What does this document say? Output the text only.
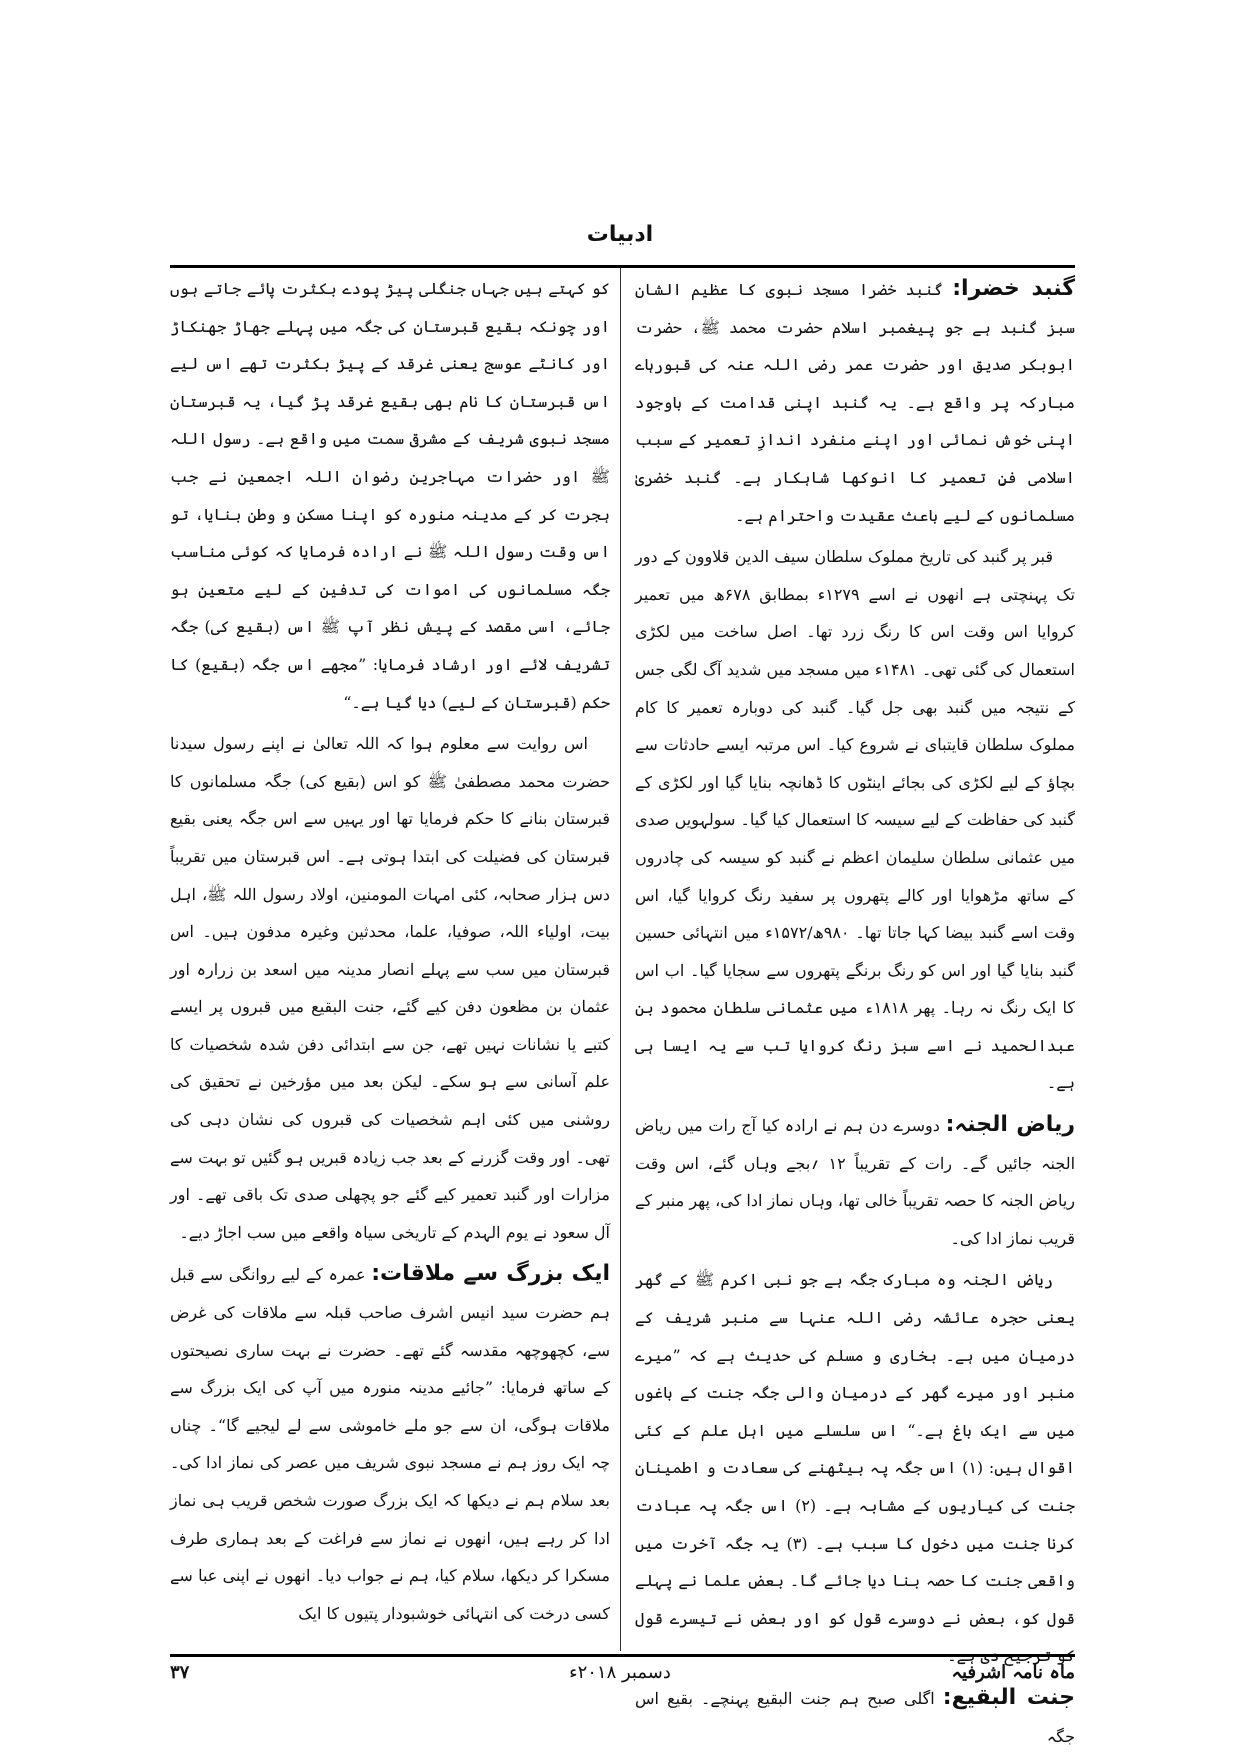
ادبیات

گنبد خضرا: گنبد خضرا مسجد نبوی کا عظیم الشان سبز گنبد ہے جو پیغمبر اسلام حضرت محمد ﷺ، حضرت ابوبکر صدیق اور حضرت عمر رضی اللہ عنہ کی قبورہاے مبارکہ پر واقع ہے۔ یہ گنبد اپنی قدامت کے باوجود اپنی خوش نمائی اور اپنے منفرد اندازِ تعمیر کے سبب اسلامی فنِ تعمیر کا انوکھا شاہکار ہے۔ گنبد خضریٰ مسلمانوں کے لیے باعث عقیدت واحترام ہے۔

قبر پر گنبد کی تاریخ مملوک سلطان سیف الدین قلاوون کے دور تک پہنچتی ہے انھوں نے اسے ۱۲۷۹ء بمطابق ۶۷۸ھ میں تعمیر کروایا اس وقت اس کا رنگ زرد تھا۔ اصل ساخت میں لکڑی استعمال کی گئی تھی۔ ۱۴۸۱ء میں مسجد میں شدید آگ لگی جس کے نتیجہ میں گنبد بھی جل گیا۔ گنبد کی دوبارہ تعمیر کا کام مملوک سلطان قایتبای نے شروع کیا۔ اس مرتبہ ایسے حادثات سے بچاؤ کے لیے لکڑی کی بجائے اینٹوں کا ڈھانچہ بنایا گیا اور لکڑی کے گنبد کی حفاظت کے لیے سیسہ کا استعمال کیا گیا۔ سولہویں صدی میں عثمانی سلطان سلیمان اعظم نے گنبد کو سیسہ کی چادروں کے ساتھ مڑھوایا اور کالے پتھروں پر سفید رنگ کروایا گیا، اس وقت اسے گنبد بیضا کہا جاتا تھا۔ ۹۸۰ھ/۱۵۷۲ء میں انتہائی حسین گنبد بنایا گیا اور اس کو رنگ برنگے پتھروں سے سجایا گیا۔ اب اس کا ایک رنگ نہ رہا۔ پھر ۱۸۱۸ء میں عثمانی سلطان محمود بن عبدالحمید نے اسے سبز رنگ کروایا تب سے یہ ایسا ہی ہے۔

ریاض الجنہ: دوسرے دن ہم نے ارادہ کیا آج رات میں ریاض الجنہ جائیں گے۔ رات کے تقریباً ۱۲ ؍بجے وہاں گئے، اس وقت ریاض الجنہ کا حصہ تقریباً خالی تھا، وہاں نماز ادا کی، پھر منبر کے قریب نماز ادا کی۔

ریاض الجنہ وہ مبارک جگہ ہے جو نبی اکرم ﷺ کے گھر یعنی حجرہ عائشہ رضی اللہ عنہا سے منبر شریف کے درمیان میں ہے۔ بخاری و مسلم کی حدیث ہے کہ ”میرے منبر اور میرے گھر کے درمیان والی جگہ جنت کے باغوں میں سے ایک باغ ہے۔“ اس سلسلے میں اہل علم کے کئی اقوال ہیں: (۱) اس جگہ پہ بیٹھنے کی سعادت و اطمینان جنت کی کیاریوں کے مشابہ ہے۔ (۲) اس جگہ پہ عبادت کرنا جنت میں دخول کا سبب ہے۔ (۳) یہ جگہ آخرت میں واقعی جنت کا حصہ بنا دیا جائے گا۔ بعض علما نے پہلے قول کو، بعض نے دوسرے قول کو اور بعض نے تیسرے قول کو ترجیح دی ہے۔

جنت البقیع: اگلی صبح ہم جنت البقیع پہنچے۔ بقیع اس جگہ

کو کہتے ہیں جہاں جنگلی پیڑ پودے بکثرت پائے جاتے ہوں اور چونکہ بقیع قبرستان کی جگہ میں پہلے جھاڑ جھنکاڑ اور کانٹے عوسج یعنی غرقد کے پیڑ بکثرت تھے اس لیے اس قبرستان کا نام بھی بقیع غرقد پڑ گیا، یہ قبرستان مسجد نبوی شریف کے مشرقی سمت میں واقع ہے۔ رسول اللہ ﷺ اور حضرات مہاجرین رضوان اللہ اجمعین نے جب ہجرت کر کے مدینہ منورہ کو اپنا مسکن و وطن بنایا، تو اس وقت رسول اللہ ﷺ نے ارادہ فرمایا کہ کوئی مناسب جگہ مسلمانوں کی اموات کی تدفین کے لیے متعین ہو جائے، اسی مقصد کے پیش نظر آپ ﷺ اس (بقیع کی) جگہ تشریف لائے اور ارشاد فرمایا: ”مجھے اس جگہ (بقیع) کا حکم (قبرستان کے لیے) دیا گیا ہے۔“

اس روایت سے معلوم ہوا کہ اللہ تعالیٰ نے اپنے رسول سیدنا حضرت محمد مصطفیٰ ﷺ کو اس (بقیع کی) جگہ مسلمانوں کا قبرستان بنانے کا حکم فرمایا تھا اور یہیں سے اس جگہ یعنی بقیع قبرستان کی فضیلت کی ابتدا ہوتی ہے۔ اس قبرستان میں تقریباً دس ہزار صحابہ، کئی امہات المومنین، اولاد رسول اللہ ﷺ، اہل بیت، اولیاء اللہ، صوفیا، علما، محدثین وغیرہ مدفون ہیں۔ اس قبرستان میں سب سے پہلے انصار مدینہ میں اسعد بن زرارہ اور عثمان بن مظعون دفن کیے گئے، جنت البقیع میں قبروں پر ایسے کتبے یا نشانات نہیں تھے، جن سے ابتدائی دفن شدہ شخصیات کا علم آسانی سے ہو سکے۔ لیکن بعد میں مؤرخین نے تحقیق کی روشنی میں کئی اہم شخصیات کی قبروں کی نشان دہی کی تھی۔ اور وقت گزرنے کے بعد جب زیادہ قبریں ہو گئیں تو بہت سے مزارات اور گنبد تعمیر کیے گئے جو پچھلی صدی تک باقی تھے۔ اور آل سعود نے یوم الہدم کے تاریخی سیاہ واقعے میں سب اجاڑ دیے۔

ایک بزرگ سے ملاقات: عمرہ کے لیے روانگی سے قبل ہم حضرت سید انیس اشرف صاحب قبلہ سے ملاقات کی غرض سے، کچھوچھہ مقدسہ گئے تھے۔ حضرت نے بہت ساری نصیحتوں کے ساتھ فرمایا: ”جائیے مدینہ منورہ میں آپ کی ایک بزرگ سے ملاقات ہوگی، ان سے جو ملے خاموشی سے لے لیجیے گا“۔ چناں چہ ایک روز ہم نے مسجد نبوی شریف میں عصر کی نماز ادا کی۔ بعد سلام ہم نے دیکھا کہ ایک بزرگ صورت شخص قریب ہی نماز ادا کر رہے ہیں، انھوں نے نماز سے فراغت کے بعد ہماری طرف مسکرا کر دیکھا، سلام کیا، ہم نے جواب دیا۔ انھوں نے اپنی عبا سے کسی درخت کی انتہائی خوشبودار پتیوں کا ایک

ماہ نامہ اشرفیہ
دسمبر ۲۰۱۸ء
۳۷
